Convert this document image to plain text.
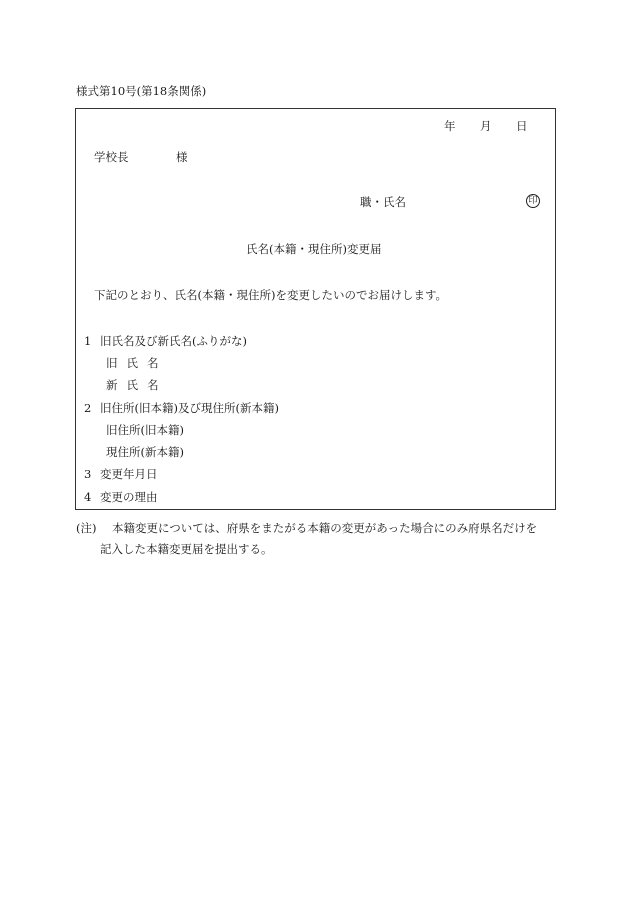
様式第10号(第18条関係)
年 月 日
学校長	様
職・氏名	印
氏名(本籍・現住所)変更届
下記のとおり、氏名(本籍・現住所)を変更したいのでお届けします。
1 旧氏名及び新氏名(ふりがな)
旧氏名
新氏名
2 旧住所(旧本籍)及び現住所(新本籍)
旧住所(旧本籍)
現住所(新本籍)
3 変更年月日
4 変更の理由
(注) 本籍変更については、府県をまたがる本籍の変更があった場合にのみ府県名だけを
記入した本籍変更届を提出する。
